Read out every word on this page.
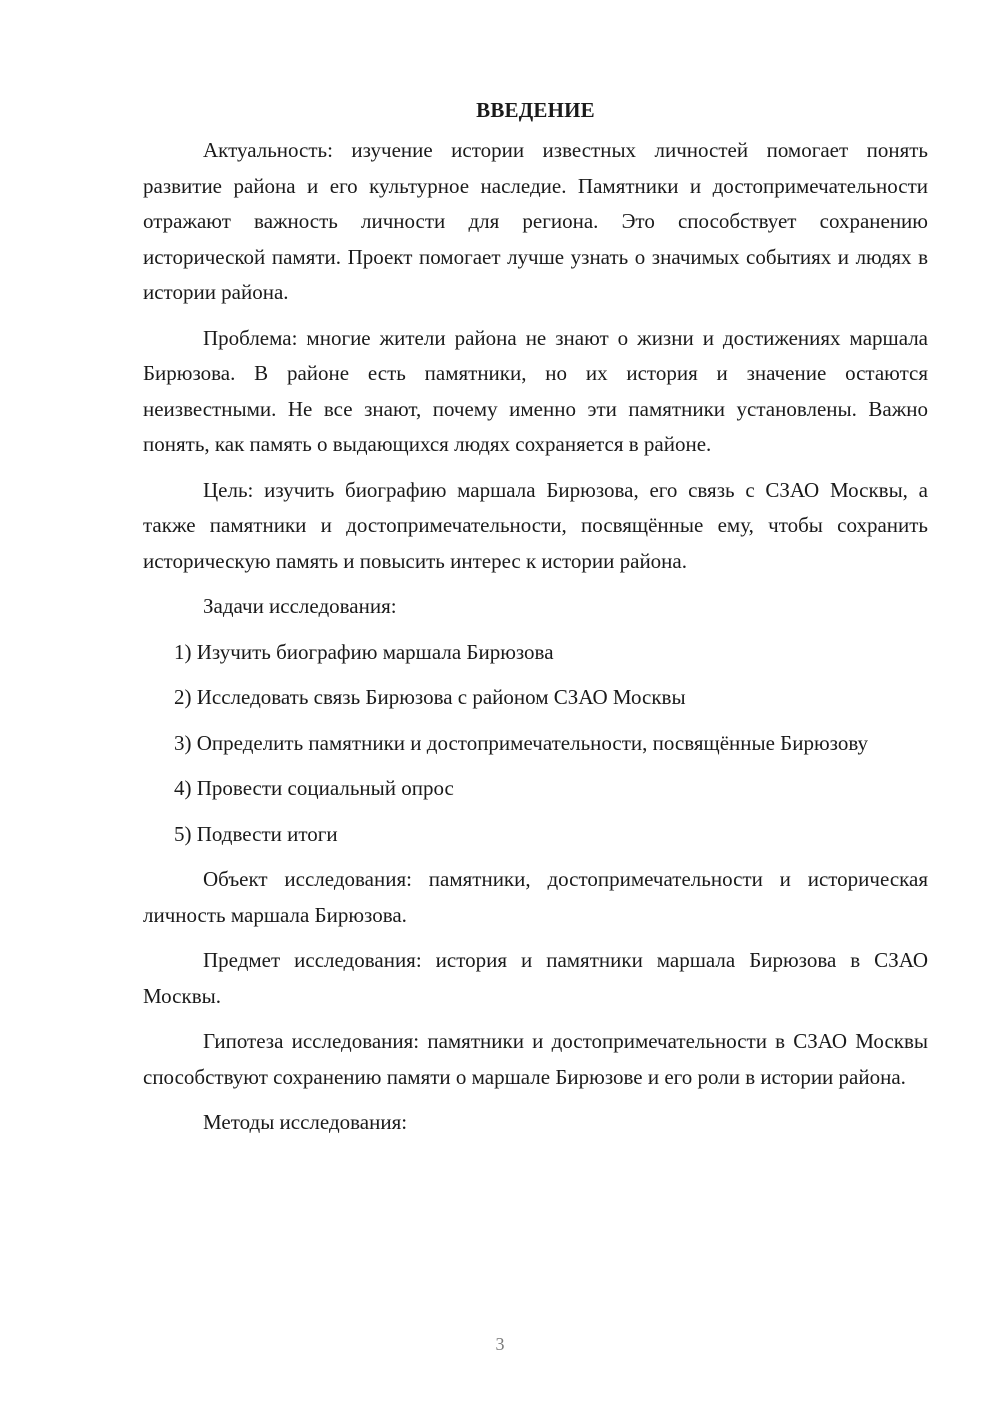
ВВЕДЕНИЕ

Актуальность: изучение истории известных личностей помогает понять развитие района и его культурное наследие. Памятники и достопримечательности отражают важность личности для региона. Это способствует сохранению исторической памяти. Проект помогает лучше узнать о значимых событиях и людях в истории района.

Проблема: многие жители района не знают о жизни и достижениях маршала Бирюзова. В районе есть памятники, но их история и значение остаются неизвестными. Не все знают, почему именно эти памятники установлены. Важно понять, как память о выдающихся людях сохраняется в районе.

Цель: изучить биографию маршала Бирюзова, его связь с СЗАО Москвы, а также памятники и достопримечательности, посвящённые ему, чтобы сохранить историческую память и повысить интерес к истории района.

Задачи исследования:

1) Изучить биографию маршала Бирюзова

2) Исследовать связь Бирюзова с районом СЗАО Москвы

3) Определить памятники и достопримечательности, посвящённые Бирюзову

4) Провести социальный опрос

5) Подвести итоги

Объект исследования: памятники, достопримечательности и историческая личность маршала Бирюзова.

Предмет исследования: история и памятники маршала Бирюзова в СЗАО Москвы.

Гипотеза исследования: памятники и достопримечательности в СЗАО Москвы способствуют сохранению памяти о маршале Бирюзове и его роли в истории района.

Методы исследования:

3
